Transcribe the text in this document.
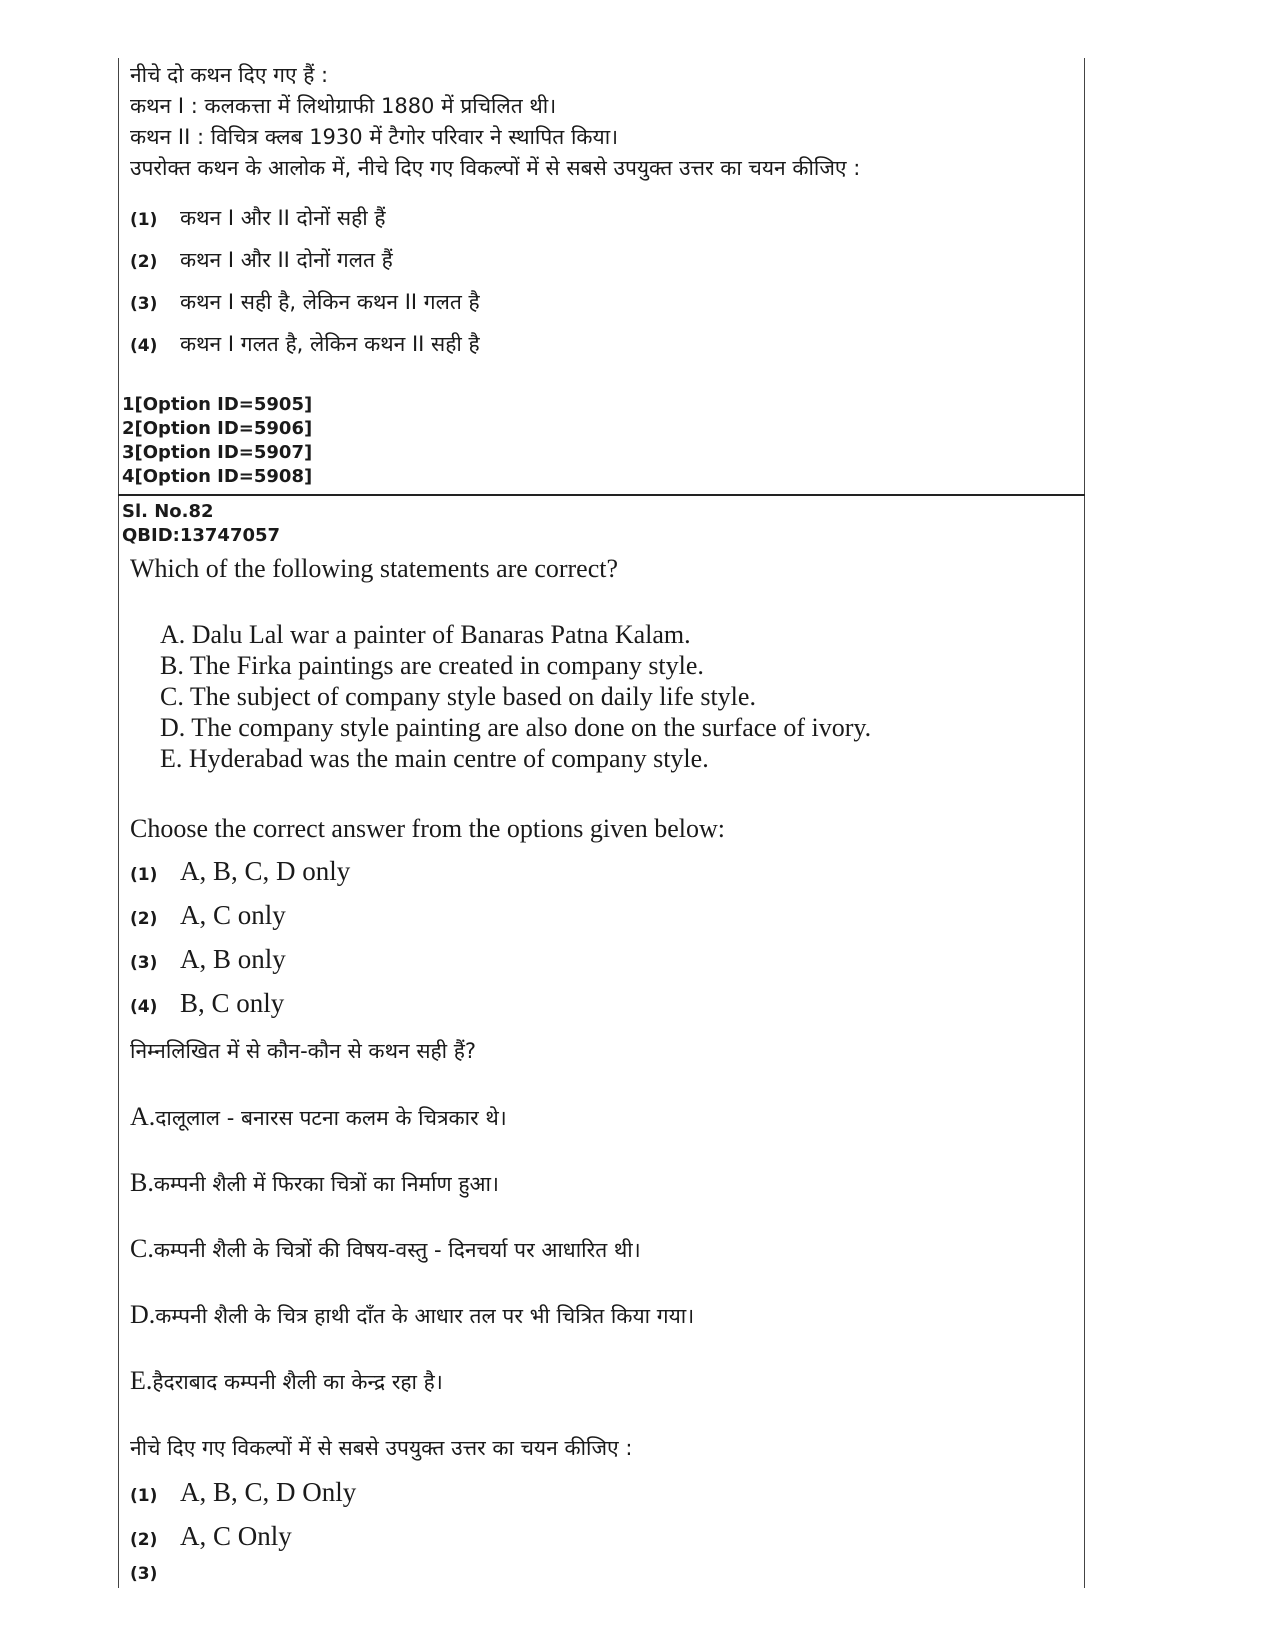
नीचे दो कथन दिए गए हैं :

कथन I : कलकत्ता में लिथोग्राफी 1880 में प्रचिलित थी।

कथन II : विचित्र क्लब 1930 में टैगोर परिवार ने स्थापित किया।

उपरोक्त कथन के आलोक में, नीचे दिए गए विकल्पों में से सबसे उपयुक्त उत्तर का चयन कीजिए :

(1)	कथन I और II दोनों सही हैं
(2)	कथन I और II दोनों गलत हैं
(3)	कथन I सही है, लेकिन कथन II गलत है
(4)	कथन I गलत है, लेकिन कथन II सही है
1[Option ID=5905]
2[Option ID=5906]
3[Option ID=5907]
4[Option ID=5908]
Sl. No.82
QBID:13747057

Which of the following statements are correct?

A. Dalu Lal war a painter of Banaras Patna Kalam.
B. The Firka paintings are created in company style.
C. The subject of company style based on daily life style.
D. The company style painting are also done on the surface of ivory.
E. Hyderabad was the main centre of company style.

Choose the correct answer from the options given below:

(1) A, B, C, D only
(2) A, C only
(3) A, B only
(4) B, C only

निम्नलिखित में से कौन-कौन से कथन सही हैं?

A. दालूलाल - बनारस पटना कलम के चित्रकार थे।
B. कम्पनी शैली में फिरका चित्रों का निर्माण हुआ।
C. कम्पनी शैली के चित्रों की विषय-वस्तु - दिनचर्या पर आधारित थी।
D. कम्पनी शैली के चित्र हाथी दाँत के आधार तल पर भी चित्रित किया गया।
E. हैदराबाद कम्पनी शैली का केन्द्र रहा है।

नीचे दिए गए विकल्पों में से सबसे उपयुक्त उत्तर का चयन कीजिए :

(1) A, B, C, D Only
(2) A, C Only
(3)
